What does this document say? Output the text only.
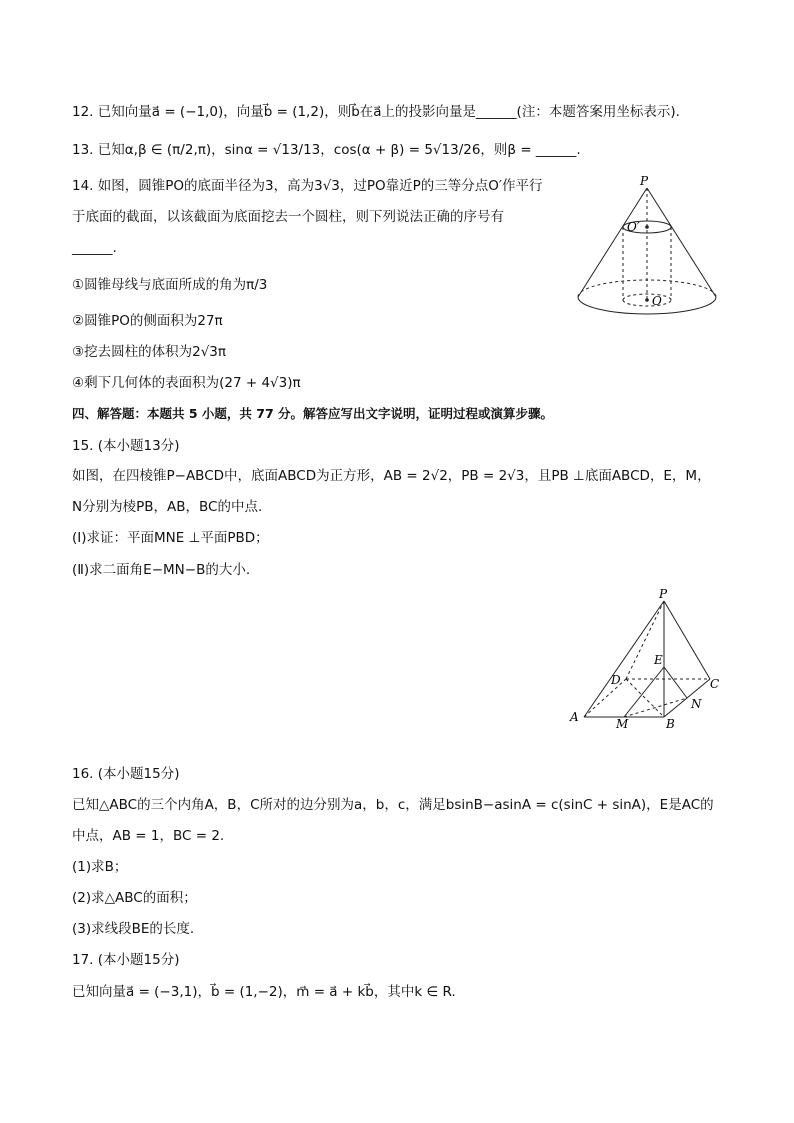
12. 已知向量a⃗ = (−1,0)，向量b⃗ = (1,2)，则b⃗在a⃗上的投影向量是______(注：本题答案用坐标表示).
13. 已知α,β ∈ (π/2,π)，sinα = √13/13，cos(α + β) = 5√13/26，则β = ______.
14. 如图，圆锥PO的底面半径为3，高为3√3，过PO靠近P的三等分点O′作平行
于底面的截面，以该截面为底面挖去一个圆柱，则下列说法正确的序号有
______.
①圆锥母线与底面所成的角为π/3
②圆锥PO的侧面积为27π
③挖去圆柱的体积为2√3π
④剩下几何体的表面积为(27 + 4√3)π
P
O′
O
四、解答题：本题共 5 小题，共 77 分。解答应写出文字说明，证明过程或演算步骤。
15. (本小题13分)
如图，在四棱锥P−ABCD中，底面ABCD为正方形，AB = 2√2，PB = 2√3，且PB ⊥底面ABCD，E，M，
N分别为棱PB，AB，BC的中点.
(Ⅰ)求证：平面MNE ⊥平面PBD；
(Ⅱ)求二面角E−MN−B的大小.
P
E
D	C
N
A	M	B
16. (本小题15分)
已知△ABC的三个内角A，B，C所对的边分别为a，b，c，满足bsinB−asinA = c(sinC + sinA)，E是AC的
中点，AB = 1，BC = 2.
(1)求B；
(2)求△ABC的面积；
(3)求线段BE的长度.
17. (本小题15分)
已知向量a⃗ = (−3,1)，b⃗ = (1,−2)，m⃗ = a⃗ + kb⃗，其中k ∈ R.
